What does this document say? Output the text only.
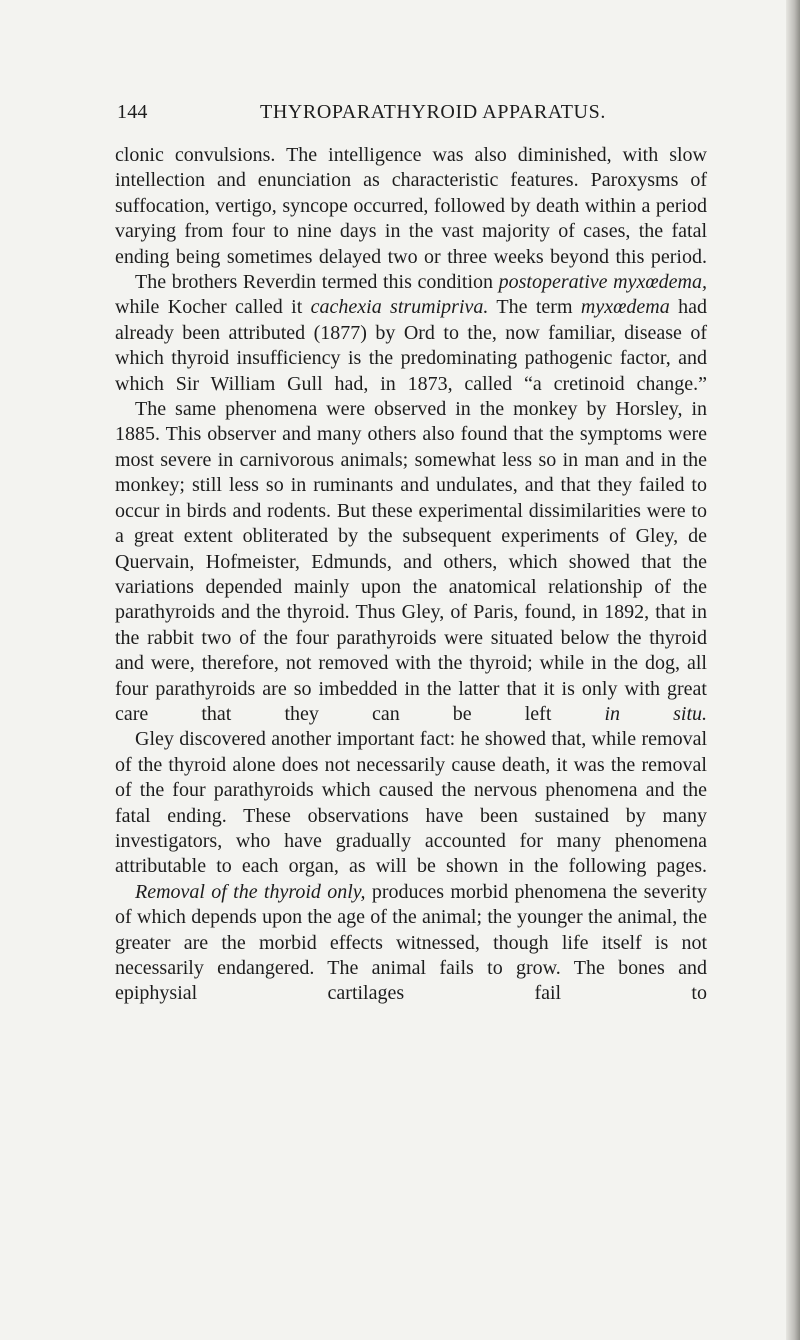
144	THYROPARATHYROID APPARATUS.

clonic convulsions. The intelligence was also diminished, with slow intellection and enunciation as characteristic features. Paroxysms of suffocation, vertigo, syncope occurred, followed by death within a period varying from four to nine days in the vast majority of cases, the fatal ending being sometimes delayed two or three weeks beyond this period.

The brothers Reverdin termed this condition postoperative myxœdema, while Kocher called it cachexia strumipriva. The term myxœdema had already been attributed (1877) by Ord to the, now familiar, disease of which thyroid insufficiency is the predominating pathogenic factor, and which Sir William Gull had, in 1873, called “a cretinoid change.”

The same phenomena were observed in the monkey by Horsley, in 1885. This observer and many others also found that the symptoms were most severe in carnivorous animals; somewhat less so in man and in the monkey; still less so in ruminants and undulates, and that they failed to occur in birds and rodents. But these experimental dissimilarities were to a great extent obliterated by the subsequent experiments of Gley, de Quervain, Hofmeister, Edmunds, and others, which showed that the variations depended mainly upon the anatomical relationship of the parathyroids and the thyroid. Thus Gley, of Paris, found, in 1892, that in the rabbit two of the four parathyroids were situated below the thyroid and were, therefore, not removed with the thyroid; while in the dog, all four parathyroids are so imbedded in the latter that it is only with great care that they can be left in situ.

Gley discovered another important fact: he showed that, while removal of the thyroid alone does not necessarily cause death, it was the removal of the four parathyroids which caused the nervous phenomena and the fatal ending. These observations have been sustained by many investigators, who have gradually accounted for many phenomena attributable to each organ, as will be shown in the following pages.

Removal of the thyroid only, produces morbid phenomena the severity of which depends upon the age of the animal; the younger the animal, the greater are the morbid effects witnessed, though life itself is not necessarily endangered. The animal fails to grow. The bones and epiphysial cartilages fail to
